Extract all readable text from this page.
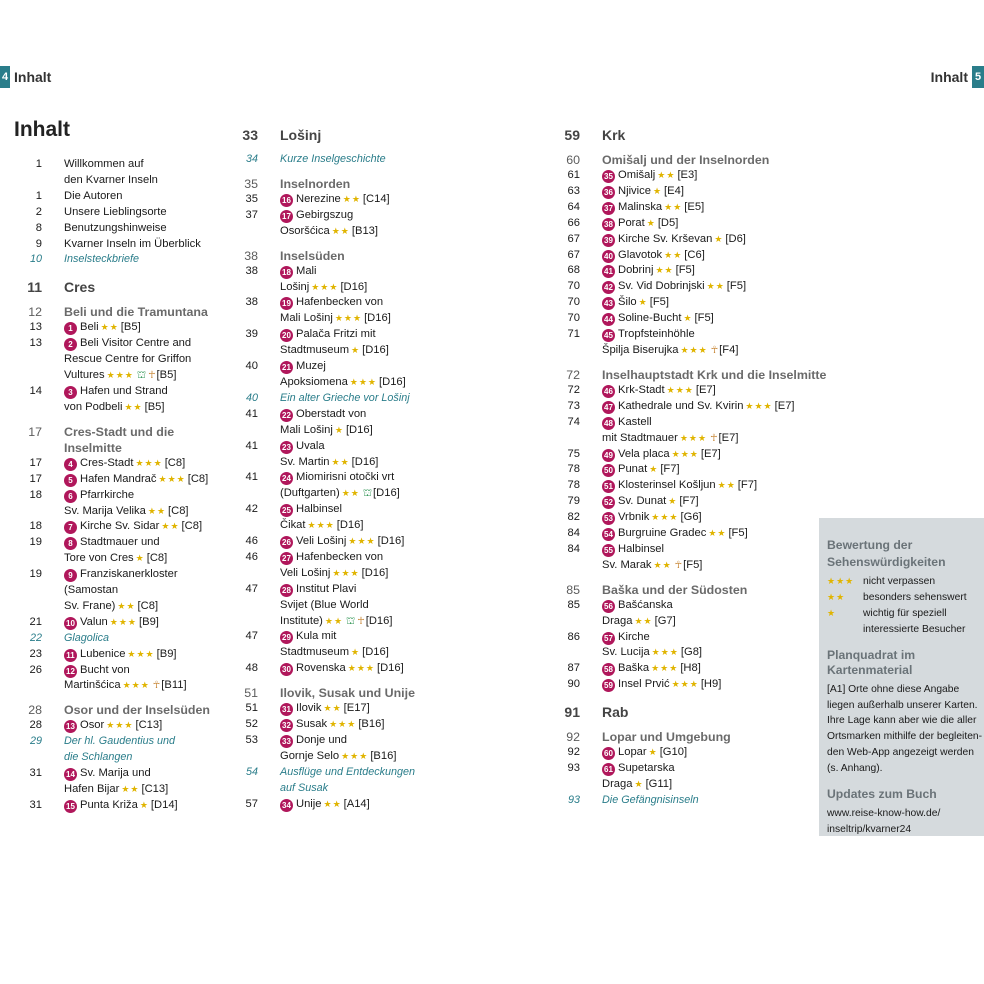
4 Inhalt	Inhalt 5
Inhalt
1	Willkommen auf
den Kvarner Inseln
1	Die Autoren
2	Unsere Lieblingsorte
8	Benutzungshinweise
9	Kvarner Inseln im Überblick
10	Inselsteckbriefe
11	Cres
12	Beli und die Tramuntana
13	1 Beli ★★ [B5]
13	2 Beli Visitor Centre and
Rescue Centre for Griffon
Vultures ★★★ ⛫ ☥[B5]
14	3 Hafen und Strand
von Podbeli ★★ [B5]
17	Cres-Stadt und die
Inselmitte
17	4 Cres-Stadt ★★★ [C8]
17	5 Hafen Mandrač ★★★ [C8]
18	6 Pfarrkirche
Sv. Marija Velika ★★ [C8]
18	7 Kirche Sv. Sidar ★★ [C8]
19	8 Stadtmauer und
Tore von Cres ★ [C8]
19	9 Franziskanerkloster
(Samostan
Sv. Frane) ★★ [C8]
21	10 Valun ★★★ [B9]
22	Glagolica
23	11 Lubenice ★★★ [B9]
26	12 Bucht von
Martinšćica ★★★ ☥[B11]
28	Osor und der Inselsüden
28	13 Osor ★★★ [C13]
29	Der hl. Gaudentius und
die Schlangen
31	14 Sv. Marija und
Hafen Bijar ★★ [C13]
31	15 Punta Križa ★ [D14]
33	Lošinj
34	Kurze Inselgeschichte
35	Inselnorden
35	16 Nerezine ★★ [C14]
37	17 Gebirgszug
Osoršćica ★★ [B13]
38	Inselsüden
38	18 Mali
Lošinj ★★★ [D16]
38	19 Hafenbecken von
Mali Lošinj ★★★ [D16]
39	20 Palača Fritzi mit
Stadtmuseum ★ [D16]
40	21 Muzej
Apoksiomena ★★★ [D16]
40	Ein alter Grieche vor Lošinj
41	22 Oberstadt von
Mali Lošinj ★ [D16]
41	23 Uvala
Sv. Martin ★★ [D16]
41	24 Miomirisni otočki vrt
(Duftgarten) ★★ ⛫[D16]
42	25 Halbinsel
Čikat ★★★ [D16]
46	26 Veli Lošinj ★★★ [D16]
46	27 Hafenbecken von
Veli Lošinj ★★★ [D16]
47	28 Institut Plavi
Svijet (Blue World
Institute) ★★ ⛫ ☥[D16]
47	29 Kula mit
Stadtmuseum ★ [D16]
48	30 Rovenska ★★★ [D16]
51	Ilovik, Susak und Unije
51	31 Ilovik ★★ [E17]
52	32 Susak ★★★ [B16]
53	33 Donje und
Gornje Selo ★★★ [B16]
54	Ausflüge und Entdeckungen
auf Susak
57	34 Unije ★★ [A14]
59	Krk
60	Omišalj und der Inselnorden
61	35 Omišalj ★★ [E3]
63	36 Njivice ★ [E4]
64	37 Malinska ★★ [E5]
66	38 Porat ★ [D5]
67	39 Kirche Sv. Krševan ★ [D6]
67	40 Glavotok ★★ [C6]
68	41 Dobrinj ★★ [F5]
70	42 Sv. Vid Dobrinjski ★★ [F5]
70	43 Šilo ★ [F5]
70	44 Soline-Bucht ★ [F5]
71	45 Tropfsteinhöhle
Špilja Biserujka ★★★ ☥[F4]
72	Inselhauptstadt Krk und die Inselmitte
72	46 Krk-Stadt ★★★ [E7]
73	47 Kathedrale und Sv. Kvirin ★★★ [E7]
74	48 Kastell
mit Stadtmauer ★★★ ☥[E7]
75	49 Vela placa ★★★ [E7]
78	50 Punat ★ [F7]
78	51 Klosterinsel Košljun ★★ [F7]
79	52 Sv. Dunat ★ [F7]
82	53 Vrbnik ★★★ [G6]
84	54 Burgruine Gradec ★★ [F5]
84	55 Halbinsel
Sv. Marak ★★ ☥[F5]
85	Baška und der Südosten
85	56 Bašćanska
Draga ★★ [G7]
86	57 Kirche
Sv. Lucija ★★★ [G8]
87	58 Baška ★★★ [H8]
90	59 Insel Prvić ★★★ [H9]
91	Rab
92	Lopar und Umgebung
92	60 Lopar ★ [G10]
93	61 Supetarska
Draga ★ [G11]
93	Die Gefängnisinseln
Bewertung der
Sehenswürdigkeiten
★★★ nicht verpassen
★★	besonders sehenswert
★	wichtig für speziell
interessierte Besucher
Planquadrat im Kartenmaterial
[A1] Orte ohne diese Angabe
liegen außerhalb unserer Karten.
Ihre Lage kann aber wie die aller
Ortsmarken mithilfe der begleiten-
den Web-App angezeigt werden
(s. Anhang).
Updates zum Buch
www.reise-know-how.de/
inseltrip/kvarner24
